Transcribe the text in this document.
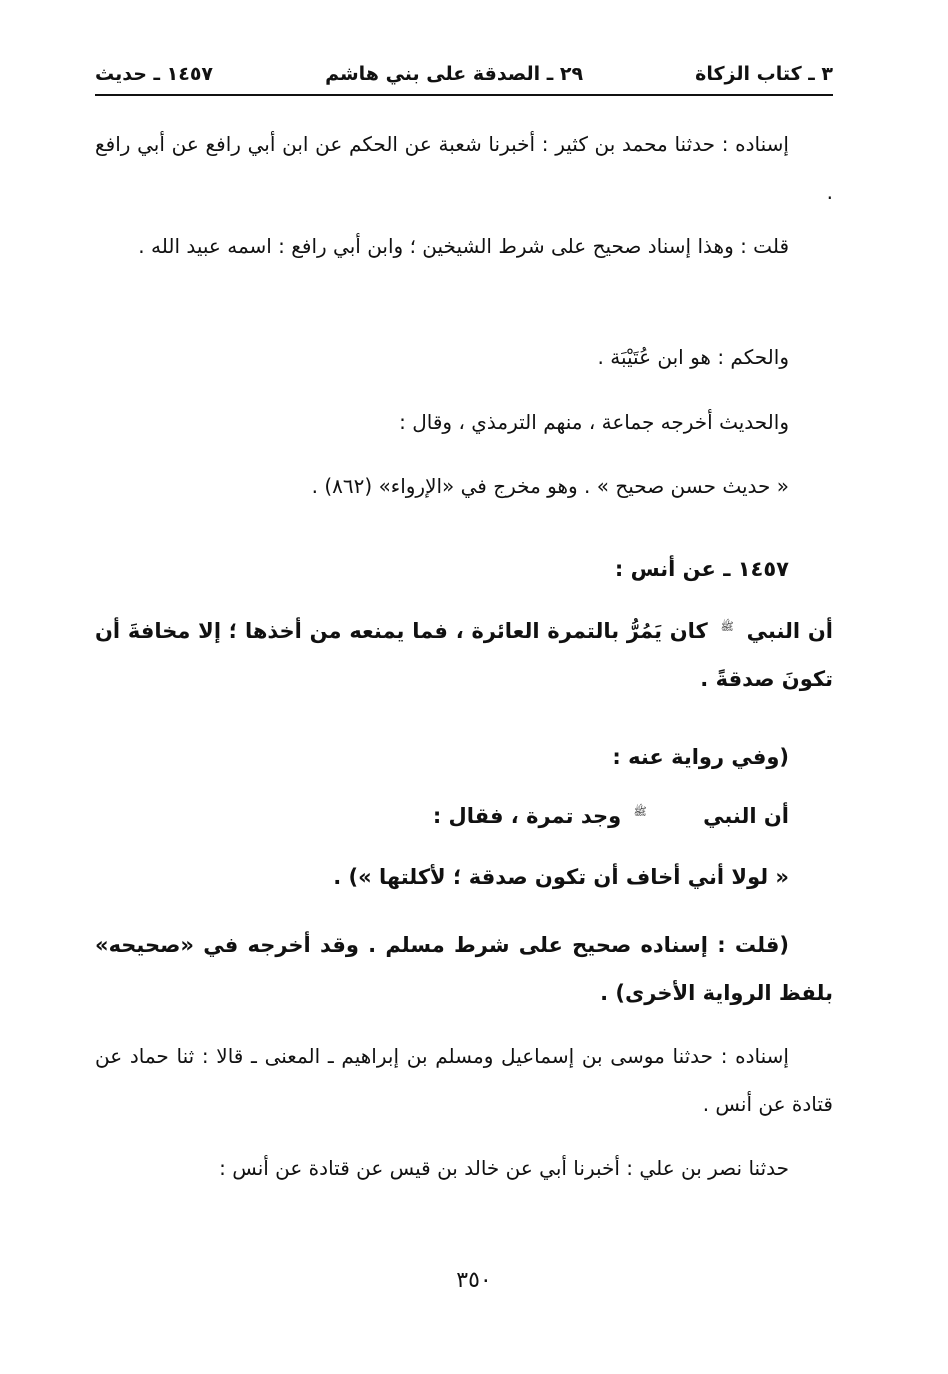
٣ ـ كتاب الزكاة
٢٩ ـ الصدقة على بني هاشم
١٤٥٧ ـ حديث
إسناده : حدثنا محمد بن كثير : أخبرنا شعبة عن الحكم عن ابن أبي رافع عن أبي رافع .
قلت : وهذا إسناد صحيح على شرط الشيخين ؛ وابن أبي رافع : اسمه عبيد الله .
والحكم : هو ابن عُتَيْبَة .
والحديث أخرجه جماعة ، منهم الترمذي ، وقال :
« حديث حسن صحيح » . وهو مخرج في «الإرواء» (٨٦٢) .
١٤٥٧ ـ عن أنس :
أن النبي ﷺ كان يَمُرُّ بالتمرة العائرة ، فما يمنعه من أخذها ؛ إلا مخافةَ أن تكونَ صدقةً .
(وفي رواية عنه :
أن النبي ﷺ وجد تمرة ، فقال :
« لولا أني أخاف أن تكون صدقة ؛ لأكلتها ») .
(قلت : إسناده صحيح على شرط مسلم . وقد أخرجه في «صحيحه» بلفظ الرواية الأخرى) .
إسناده : حدثنا موسى بن إسماعيل ومسلم بن إبراهيم ـ المعنى ـ قالا : ثنا حماد عن قتادة عن أنس .
حدثنا نصر بن علي : أخبرنا أبي عن خالد بن قيس عن قتادة عن أنس :
٣٥٠
